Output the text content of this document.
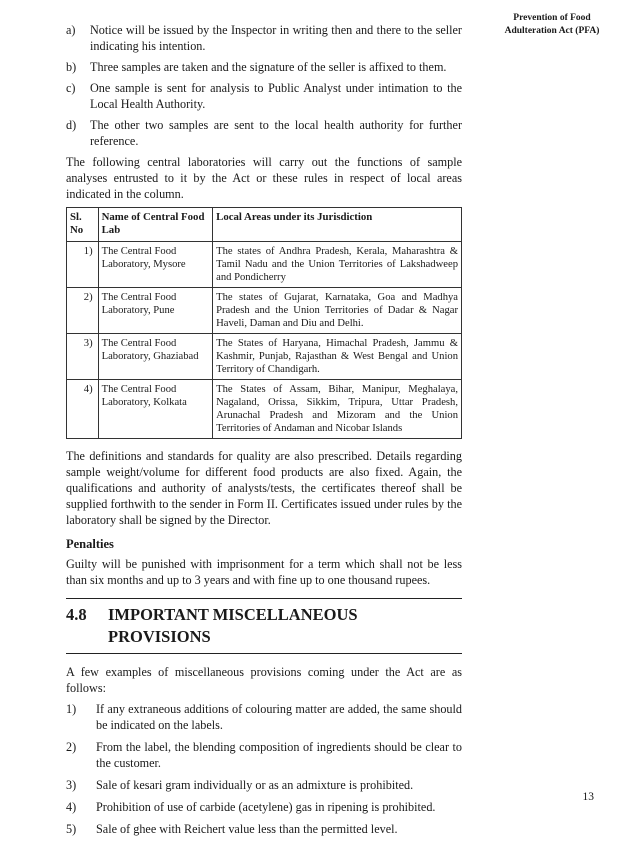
Prevention of Food
Adulteration Act (PFA)
a)	Notice will be issued by the Inspector in writing then and there to the seller indicating his intention.
b)	Three samples are taken and the signature of the seller is affixed to them.
c)	One sample is sent for analysis to Public Analyst under intimation to the Local Health Authority.
d)	The other two samples are sent to the local health authority for further reference.

The following central laboratories will carry out the functions of sample analyses entrusted to it by the Act or these rules in respect of local areas indicated in the column.

Sl. No	Name of Central Food Lab	Local Areas under its Jurisdiction
1)	The Central Food Laboratory, Mysore	The states of Andhra Pradesh, Kerala, Maharashtra & Tamil Nadu and the Union Territories of Lakshadweep and Pondicherry
2)	The Central Food Laboratory, Pune	The states of Gujarat, Karnataka, Goa and Madhya Pradesh and the Union Territories of Dadar & Nagar Haveli, Daman and Diu and Delhi.
3)	The Central Food Laboratory, Ghaziabad	The States of Haryana, Himachal Pradesh, Jammu & Kashmir, Punjab, Rajasthan & West Bengal and Union Territory of Chandigarh.
4)	The Central Food Laboratory, Kolkata	The States of Assam, Bihar, Manipur, Meghalaya, Nagaland, Orissa, Sikkim, Tripura, Uttar Pradesh, Arunachal Pradesh and Mizoram and the Union Territories of Andaman and Nicobar Islands

The definitions and standards for quality are also prescribed. Details regarding sample weight/volume for different food products are also fixed. Again, the qualifications and authority of analysts/tests, the certificates thereof shall be supplied forthwith to the sender in Form II. Certificates issued under rules by the laboratory shall be signed by the Director.

Penalties

Guilty will be punished with imprisonment for a term which shall not be less than six months and up to 3 years and with fine up to one thousand rupees.

4.8	IMPORTANT MISCELLANEOUS PROVISIONS

A few examples of miscellaneous provisions coming under the Act are as follows:

1)	If any extraneous additions of colouring matter are added, the same should be indicated on the labels.
2)	From the label, the blending composition of ingredients should be clear to the customer.
3)	Sale of kesari gram individually or as an admixture is prohibited.
4)	Prohibition of use of carbide (acetylene) gas in ripening is prohibited.
5)	Sale of ghee with Reichert value less than the permitted level.
13
